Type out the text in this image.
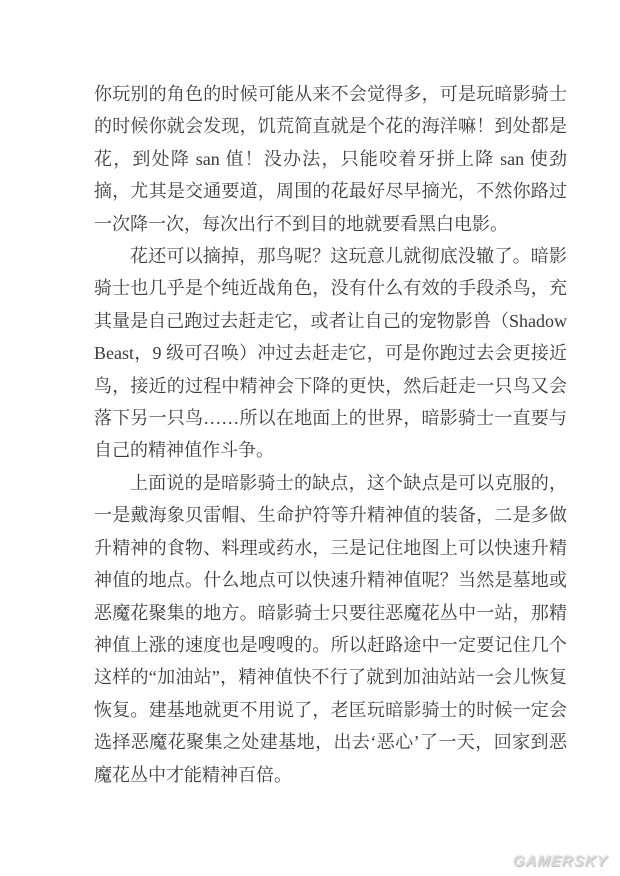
你玩别的角色的时候可能从来不会觉得多，可是玩暗影骑士的时候你就会发现，饥荒简直就是个花的海洋嘛！到处都是花，到处降 san 值！没办法，只能咬着牙拼上降 san 使劲摘，尤其是交通要道，周围的花最好尽早摘光，不然你路过一次降一次，每次出行不到目的地就要看黑白电影。

花还可以摘掉，那鸟呢？这玩意儿就彻底没辙了。暗影骑士也几乎是个纯近战角色，没有什么有效的手段杀鸟，充其量是自己跑过去赶走它，或者让自己的宠物影兽（Shadow Beast，9 级可召唤）冲过去赶走它，可是你跑过去会更接近鸟，接近的过程中精神会下降的更快，然后赶走一只鸟又会落下另一只鸟……所以在地面上的世界，暗影骑士一直要与自己的精神值作斗争。

上面说的是暗影骑士的缺点，这个缺点是可以克服的，一是戴海象贝雷帽、生命护符等升精神值的装备，二是多做升精神的食物、料理或药水，三是记住地图上可以快速升精神值的地点。什么地点可以快速升精神值呢？当然是墓地或恶魔花聚集的地方。暗影骑士只要往恶魔花丛中一站，那精神值上涨的速度也是嗖嗖的。所以赶路途中一定要记住几个这样的“加油站”，精神值快不行了就到加油站站一会儿恢复恢复。建基地就更不用说了，老匡玩暗影骑士的时候一定会选择恶魔花聚集之处建基地，出去‘恶心’了一天，回家到恶魔花丛中才能精神百倍。

GAMERSKY
